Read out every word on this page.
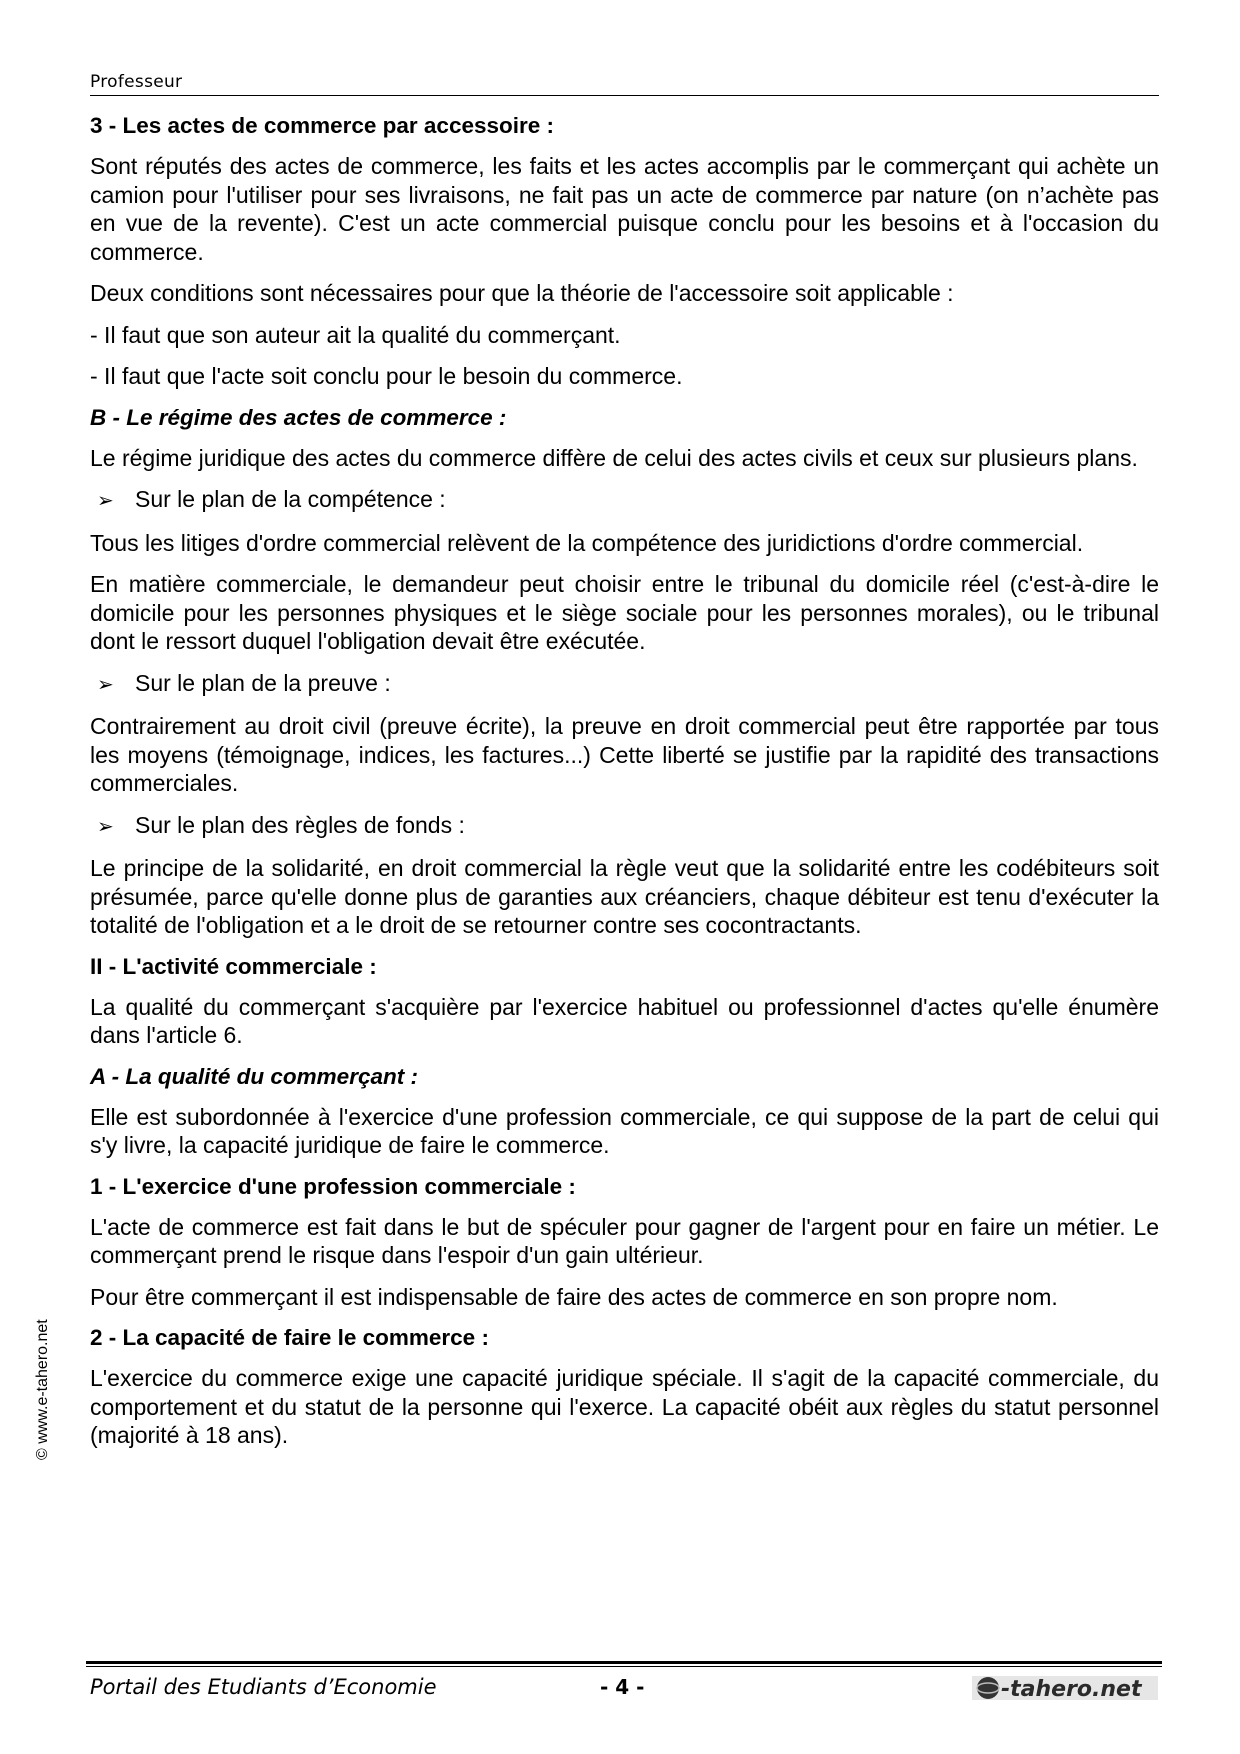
Professeur
3 - Les actes de commerce par accessoire :

Sont réputés des actes de commerce, les faits et les actes accomplis par le commerçant qui achète un camion pour l'utiliser pour ses livraisons, ne fait pas un acte de commerce par nature (on n’achète pas en vue de la revente). C'est un acte commercial puisque conclu pour les besoins et à l'occasion du commerce.

Deux conditions sont nécessaires pour que la théorie de l'accessoire soit applicable :

- Il faut que son auteur ait la qualité du commerçant.

- Il faut que l'acte soit conclu pour le besoin du commerce.

B - Le régime des actes de commerce :

Le régime juridique des actes du commerce diffère de celui des actes civils et ceux sur plusieurs plans.

➢ Sur le plan de la compétence :

Tous les litiges d'ordre commercial relèvent de la compétence des juridictions d'ordre commercial.

En matière commerciale, le demandeur peut choisir entre le tribunal du domicile réel (c'est-à-dire le domicile pour les personnes physiques et le siège sociale pour les personnes morales), ou le tribunal dont le ressort duquel l'obligation devait être exécutée.

➢ Sur le plan de la preuve :

Contrairement au droit civil (preuve écrite), la preuve en droit commercial peut être rapportée par tous les moyens (témoignage, indices, les factures...) Cette liberté se justifie par la rapidité des transactions commerciales.

➢ Sur le plan des règles de fonds :

Le principe de la solidarité, en droit commercial la règle veut que la solidarité entre les codébiteurs soit présumée, parce qu'elle donne plus de garanties aux créanciers, chaque débiteur est tenu d'exécuter la totalité de l'obligation et a le droit de se retourner contre ses cocontractants.

II - L'activité commerciale :

La qualité du commerçant s'acquière par l'exercice habituel ou professionnel d'actes qu'elle énumère dans l'article 6.

A - La qualité du commerçant :

Elle est subordonnée à l'exercice d'une profession commerciale, ce qui suppose de la part de celui qui s'y livre, la capacité juridique de faire le commerce.

1 - L'exercice d'une profession commerciale :

L'acte de commerce est fait dans le but de spéculer pour gagner de l'argent pour en faire un métier. Le commerçant prend le risque dans l'espoir d'un gain ultérieur.

Pour être commerçant il est indispensable de faire des actes de commerce en son propre nom.

2 - La capacité de faire le commerce :

L'exercice du commerce exige une capacité juridique spéciale. Il s'agit de la capacité commerciale, du comportement et du statut de la personne qui l'exerce. La capacité obéit aux règles du statut personnel (majorité à 18 ans).

© www.e-tahero.net
Portail des Etudiants d’Economie	- 4 -	-tahero.net
